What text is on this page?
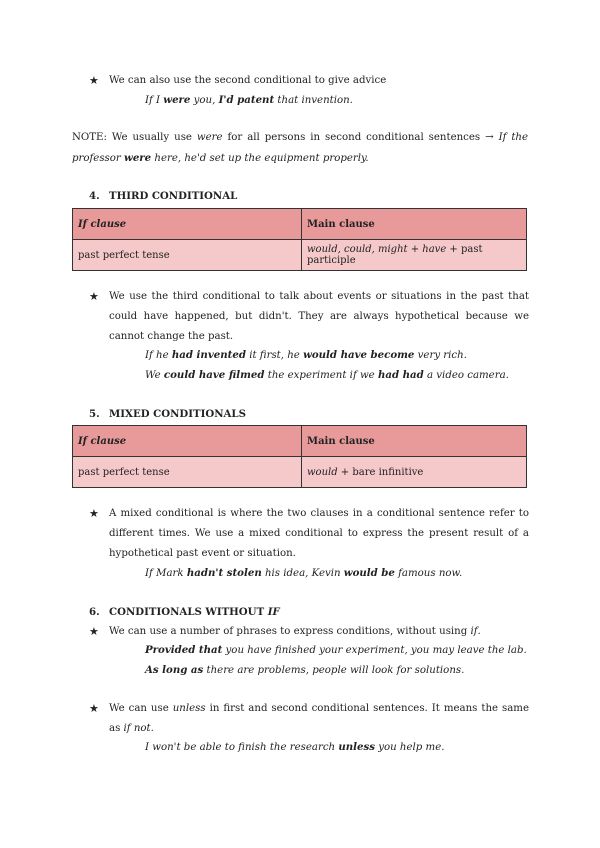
★ We can also use the second conditional to give advice
If I were you, I'd patent that invention.
NOTE: We usually use were for all persons in second conditional sentences → If the professor were here, he'd set up the equipment properly.
4. THIRD CONDITIONAL
If clause	Main clause
past perfect tense	would, could, might + have + past participle
★ We use the third conditional to talk about events or situations in the past that could have happened, but didn't. They are always hypothetical because we cannot change the past.
If he had invented it first, he would have become very rich.
We could have filmed the experiment if we had had a video camera.
5. MIXED CONDITIONALS
If clause	Main clause
past perfect tense	would + bare infinitive
★ A mixed conditional is where the two clauses in a conditional sentence refer to different times. We use a mixed conditional to express the present result of a hypothetical past event or situation.
If Mark hadn't stolen his idea, Kevin would be famous now.
6. CONDITIONALS WITHOUT IF
★ We can use a number of phrases to express conditions, without using if.
Provided that you have finished your experiment, you may leave the lab.
As long as there are problems, people will look for solutions.
★ We can use unless in first and second conditional sentences. It means the same as if not.
I won't be able to finish the research unless you help me.
